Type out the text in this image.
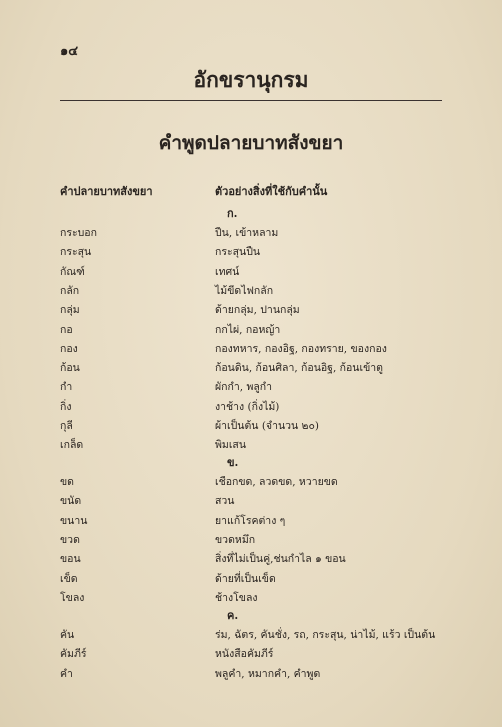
๑๔
อักขรานุกรม
คำพูดปลายบาทสังขยา
คำปลายบาทสังขยา	ตัวอย่างสิ่งที่ใช้กับคำนั้น
ก.
กระบอก	ปืน, เข้าหลาม
กระสุน	กระสุนปืน
กัณฑ์	เทศน์
กลัก	ไม้ขีดไฟกลัก
กลุ่ม	ด้ายกลุ่ม, ปานกลุ่ม
กอ	กกไผ่, กอหญ้า
กอง	กองทหาร, กองอิฐ, กองทราย, ของกอง
ก้อน	ก้อนดิน, ก้อนศิลา, ก้อนอิฐ, ก้อนเข้าตู
กำ	ผักกำ, พลูกำ
กิ่ง	งาช้าง (กิ่งไม้)
กุลี	ผ้าเป็นต้น (จำนวน ๒๐)
เกล็ด	พิมเสน
ข.
ขด	เชือกขด, ลวดขด, หวายขด
ขนัด	สวน
ขนาน	ยาแก้โรคต่าง ๆ
ขวด	ขวดหมึก
ขอน	สิ่งที่ไม่เป็นคู่,ช่นกำไล ๑ ขอน
เข็ด	ด้ายที่เป็นเข็ด
โขลง	ช้างโขลง
ค.
คัน	ร่ม, ฉัตร, คันชั่ง, รถ, กระสุน, น่าไม้, แร้ว เป็นต้น
คัมภีร์	หนังสือคัมภีร์
คำ	พลูคำ, หมากคำ, คำพูด
